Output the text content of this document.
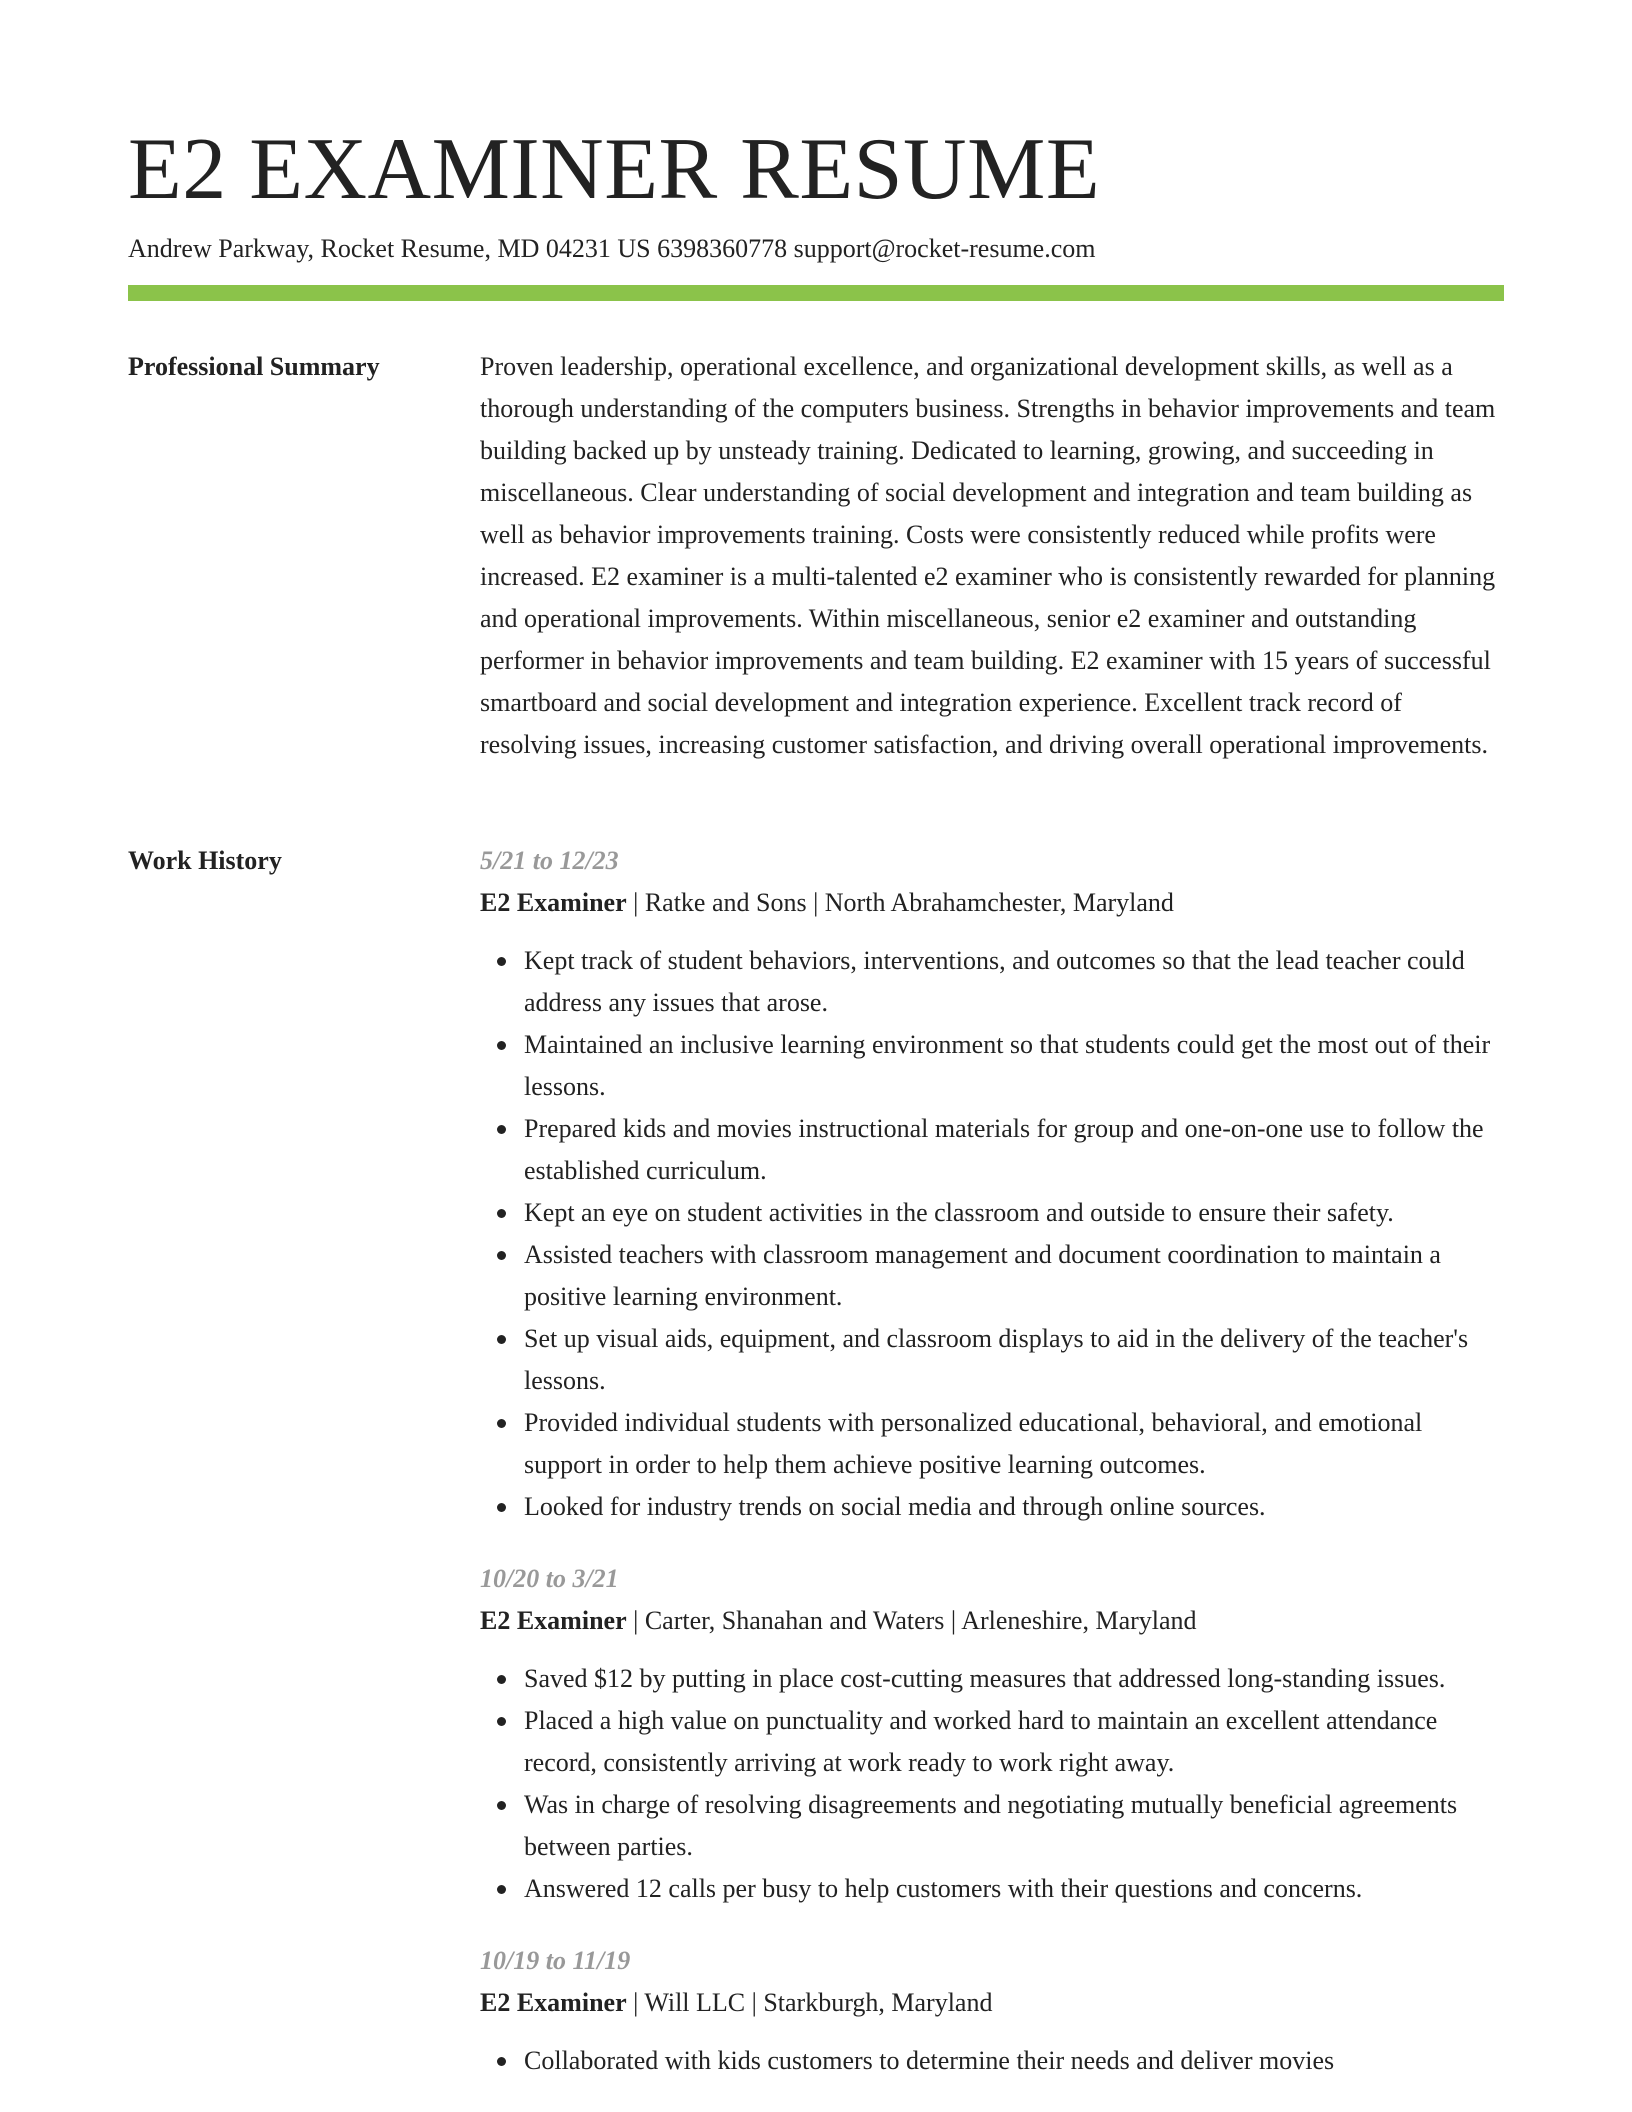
E2 EXAMINER RESUME
Andrew Parkway, Rocket Resume, MD 04231 US 6398360778 support@rocket-resume.com
Professional Summary	Proven leadership, operational excellence, and organizational development skills, as well as a thorough understanding of the computers business. Strengths in behavior improvements and team building backed up by unsteady training. Dedicated to learning, growing, and succeeding in miscellaneous. Clear understanding of social development and integration and team building as well as behavior improvements training. Costs were consistently reduced while profits were increased. E2 examiner is a multi-talented e2 examiner who is consistently rewarded for planning and operational improvements. Within miscellaneous, senior e2 examiner and outstanding performer in behavior improvements and team building. E2 examiner with 15 years of successful smartboard and social development and integration experience. Excellent track record of resolving issues, increasing customer satisfaction, and driving overall operational improvements.

Work History	5/21 to 12/23
E2 Examiner | Ratke and Sons | North Abrahamchester, Maryland
Kept track of student behaviors, interventions, and outcomes so that the lead teacher could address any issues that arose.
Maintained an inclusive learning environment so that students could get the most out of their lessons.
Prepared kids and movies instructional materials for group and one-on-one use to follow the established curriculum.
Kept an eye on student activities in the classroom and outside to ensure their safety.
Assisted teachers with classroom management and document coordination to maintain a positive learning environment.
Set up visual aids, equipment, and classroom displays to aid in the delivery of the teacher's lessons.
Provided individual students with personalized educational, behavioral, and emotional support in order to help them achieve positive learning outcomes.
Looked for industry trends on social media and through online sources.
10/20 to 3/21
E2 Examiner | Carter, Shanahan and Waters | Arleneshire, Maryland
Saved $12 by putting in place cost-cutting measures that addressed long-standing issues.
Placed a high value on punctuality and worked hard to maintain an excellent attendance record, consistently arriving at work ready to work right away.
Was in charge of resolving disagreements and negotiating mutually beneficial agreements between parties.
Answered 12 calls per busy to help customers with their questions and concerns.
10/19 to 11/19
E2 Examiner | Will LLC | Starkburgh, Maryland
Collaborated with kids customers to determine their needs and deliver movies
